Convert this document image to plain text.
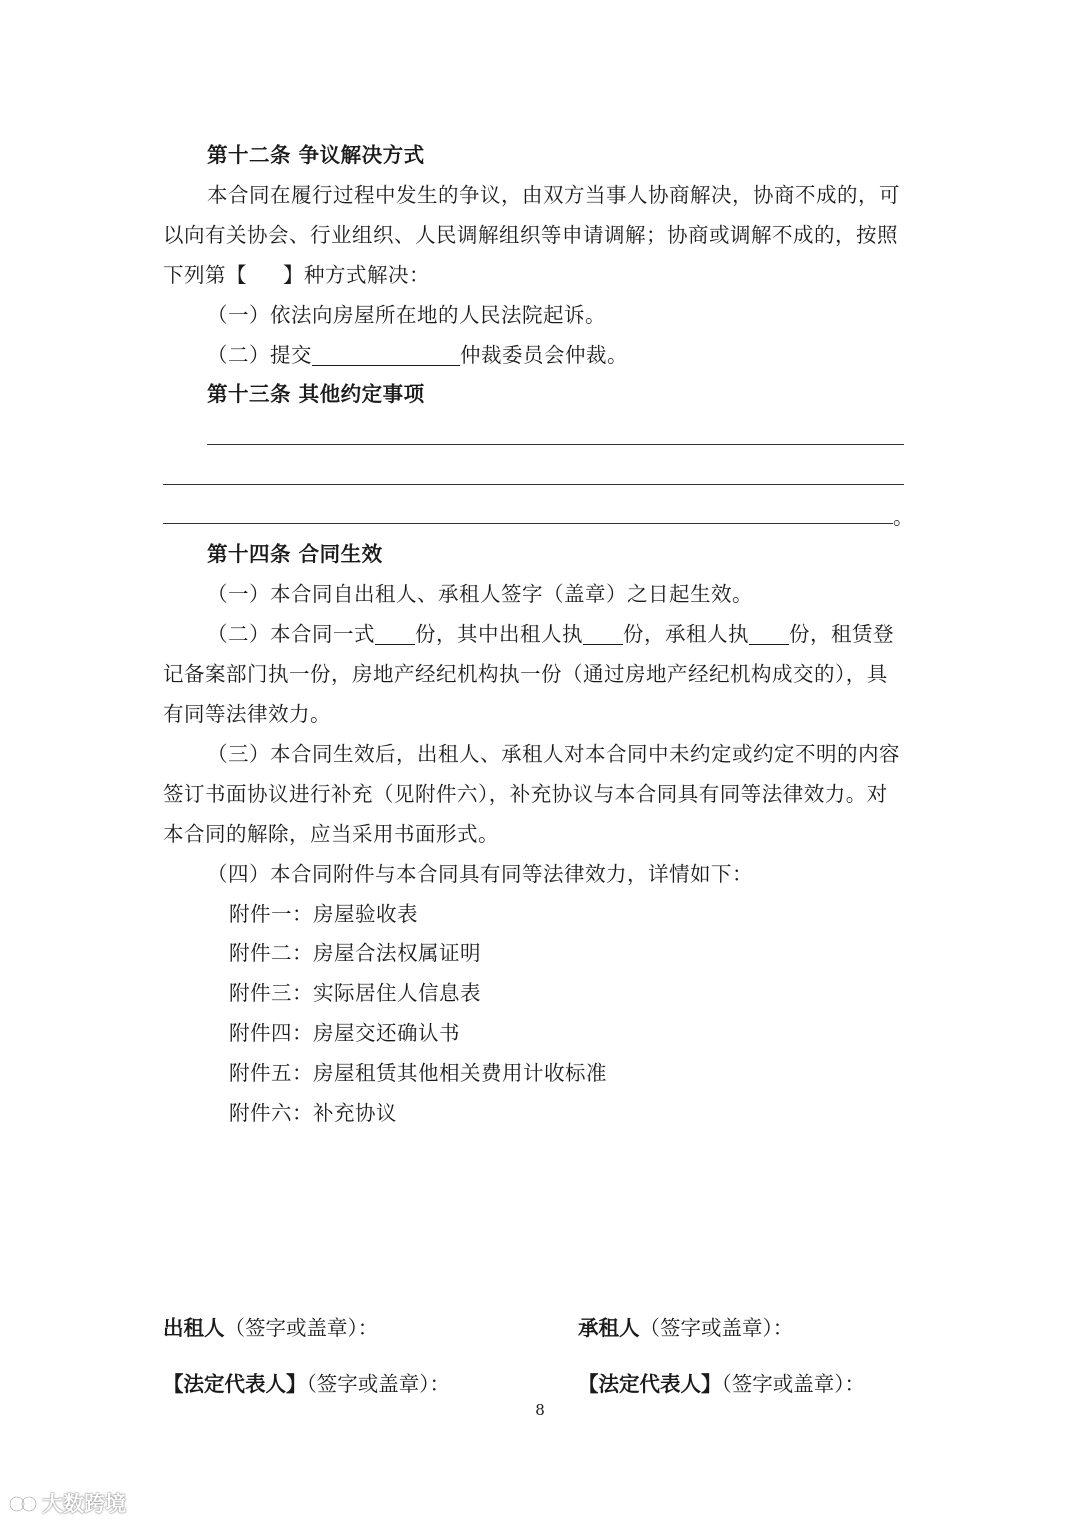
第十二条 争议解决方式
本合同在履行过程中发生的争议，由双方当事人协商解决，协商不成的，可
以向有关协会、行业组织、人民调解组织等申请调解；协商或调解不成的，按照
下列第【 】种方式解决：
（一）依法向房屋所在地的人民法院起诉。
（二）提交	仲裁委员会仲裁。
第十三条 其他约定事项
。
第十四条 合同生效
（一）本合同自出租人、承租人签字（盖章）之日起生效。
（二）本合同一式 份，其中出租人执 份，承租人执 份，租赁登
记备案部门执一份，房地产经纪机构执一份（通过房地产经纪机构成交的），具
有同等法律效力。
（三）本合同生效后，出租人、承租人对本合同中未约定或约定不明的内容
签订书面协议进行补充（见附件六），补充协议与本合同具有同等法律效力。对
本合同的解除，应当采用书面形式。
（四）本合同附件与本合同具有同等法律效力，详情如下：
附件一：房屋验收表
附件二：房屋合法权属证明
附件三：实际居住人信息表
附件四：房屋交还确认书
附件五：房屋租赁其他相关费用计收标准
附件六：补充协议
出租人（签字或盖章）：	承租人（签字或盖章）：
【法定代表人】（签字或盖章）：	【法定代表人】（签字或盖章）：
8
大数跨境
